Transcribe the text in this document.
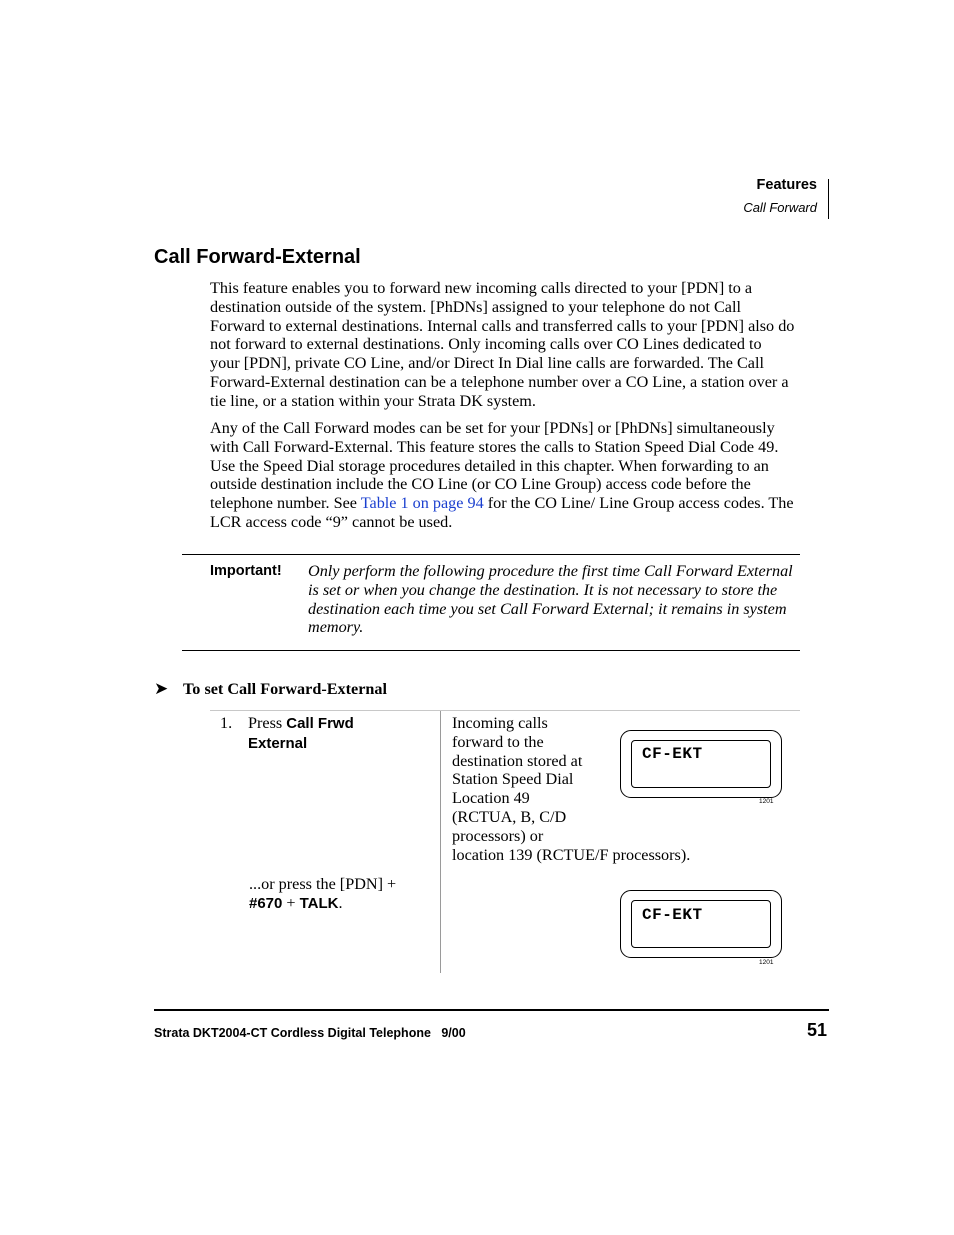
Features
Call Forward
Call Forward-External

This feature enables you to forward new incoming calls directed to your [PDN] to a destination outside of the system. [PhDNs] assigned to your telephone do not Call Forward to external destinations. Internal calls and transferred calls to your [PDN] also do not forward to external destinations. Only incoming calls over CO Lines dedicated to your [PDN], private CO Line, and/or Direct In Dial line calls are forwarded. The Call Forward-External destination can be a telephone number over a CO Line, a station over a tie line, or a station within your Strata DK system.

Any of the Call Forward modes can be set for your [PDNs] or [PhDNs] simultaneously with Call Forward-External. This feature stores the calls to Station Speed Dial Code 49. Use the Speed Dial storage procedures detailed in this chapter. When forwarding to an outside destination include the CO Line (or CO Line Group) access code before the telephone number. See Table 1 on page 94 for the CO Line/ Line Group access codes. The LCR access code “9” cannot be used.

Important! Only perform the following procedure the first time Call Forward External is set or when you change the destination. It is not necessary to store the destination each time you set Call Forward External; it remains in system memory.
➤ To set Call Forward-External
1. Press Call Frwd
External
...or press the [PDN] +
#670 + TALK.
Incoming calls
forward to the
destination stored at
Station Speed Dial
Location 49
(RCTUA, B, C/D
processors) or
location 139 (RCTUE/F processors).
CF-EKT
1201
CF-EKT
1201
Strata DKT2004-CT Cordless Digital Telephone   9/00	51
